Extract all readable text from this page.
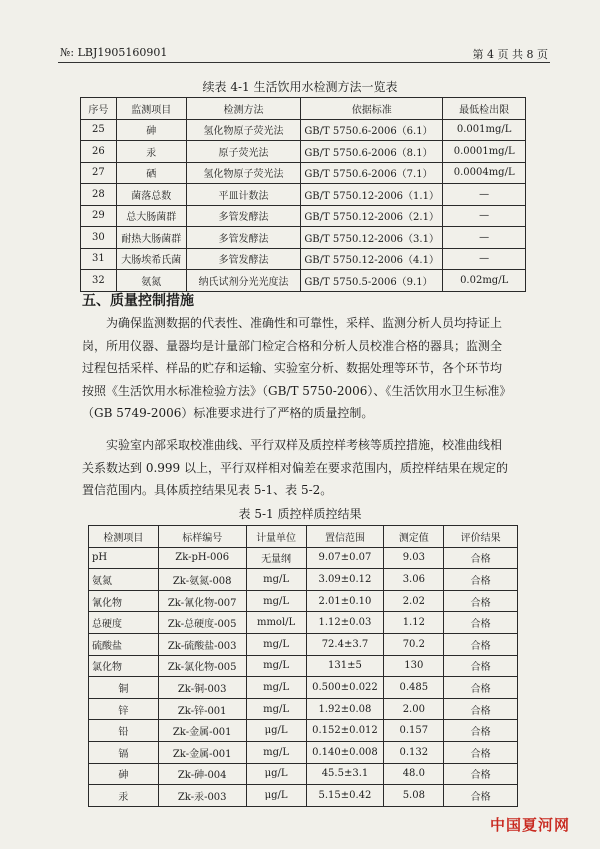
№: LBJ1905160901	第 4 页 共 8 页
续表 4-1 生活饮用水检测方法一览表
序号	监测项目	检测方法	依据标准	最低检出限
25	砷	氢化物原子荧光法	GB/T 5750.6-2006（6.1）	0.001mg/L
26	汞	原子荧光法	GB/T 5750.6-2006（8.1）	0.0001mg/L
27	硒	氢化物原子荧光法	GB/T 5750.6-2006（7.1）	0.0004mg/L
28	菌落总数	平皿计数法	GB/T 5750.12-2006（1.1）	—
29	总大肠菌群	多管发酵法	GB/T 5750.12-2006（2.1）	—
30	耐热大肠菌群	多管发酵法	GB/T 5750.12-2006（3.1）	—
31	大肠埃希氏菌	多管发酵法	GB/T 5750.12-2006（4.1）	—
32	氨氮	纳氏试剂分光光度法	GB/T 5750.5-2006（9.1）	0.02mg/L
五、质量控制措施
为确保监测数据的代表性、准确性和可靠性，采样、监测分析人员均持证上
岗，所用仪器、量器均是计量部门检定合格和分析人员校准合格的器具；监测全
过程包括采样、样品的贮存和运输、实验室分析、数据处理等环节，各个环节均
按照《生活饮用水标准检验方法》（GB/T 5750-2006）、《生活饮用水卫生标准》
（GB 5749-2006）标准要求进行了严格的质量控制。
实验室内部采取校准曲线、平行双样及质控样考核等质控措施，校准曲线相
关系数达到 0.999 以上，平行双样相对偏差在要求范围内，质控样结果在规定的
置信范围内。具体质控结果见表 5-1、表 5-2。
表 5-1 质控样质控结果
检测项目	标样编号	计量单位	置信范围	测定值	评价结果
pH	Zk-pH-006	无量纲	9.07±0.07	9.03	合格
氨氮	Zk-氨氮-008	mg/L	3.09±0.12	3.06	合格
氰化物	Zk-氰化物-007	mg/L	2.01±0.10	2.02	合格
总硬度	Zk-总硬度-005	mmol/L	1.12±0.03	1.12	合格
硫酸盐	Zk-硫酸盐-003	mg/L	72.4±3.7	70.2	合格
氯化物	Zk-氯化物-005	mg/L	131±5	130	合格
铜	Zk-铜-003	mg/L	0.500±0.022	0.485	合格
锌	Zk-锌-001	mg/L	1.92±0.08	2.00	合格
铅	Zk-金属-001	μg/L	0.152±0.012	0.157	合格
镉	Zk-金属-001	mg/L	0.140±0.008	0.132	合格
砷	Zk-砷-004	μg/L	45.5±3.1	48.0	合格
汞	Zk-汞-003	μg/L	5.15±0.42	5.08	合格
中国夏河网
